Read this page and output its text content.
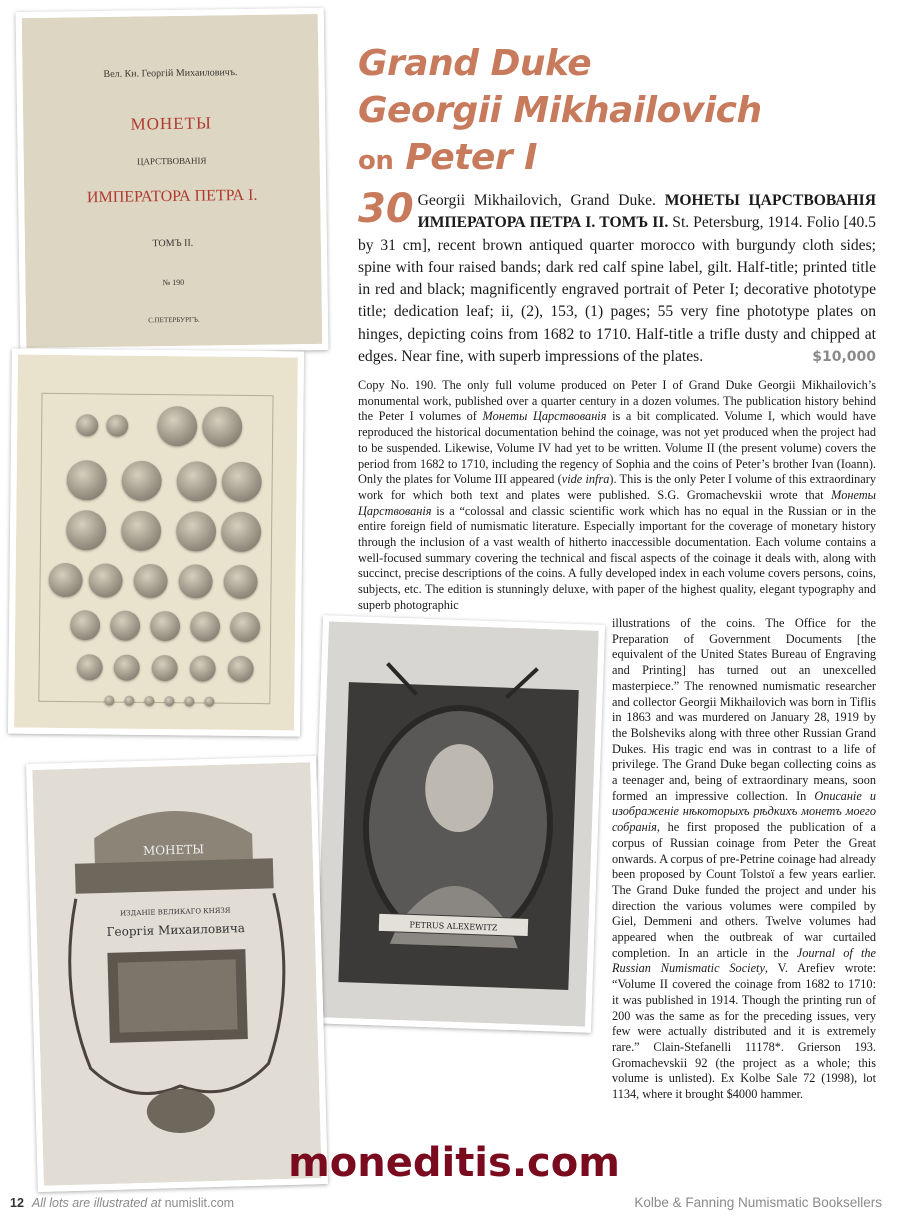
Вел. Кн. Георгій Михаиловичъ.
МОНЕТЫ
ЦАРСТВОВАНІЯ
ИМПЕРАТОРА ПЕТРА I.
ТОМЪ II.
№ 190
С.ПЕТЕРБУРГЪ.
PETRUS ALEXEWITZ
МОНЕТЫ
ИЗДАНІЕ ВЕЛИКАГО КНЯЗЯ
Георгія Михаиловича
Grand Duke
Georgii Mikhailovich
on Peter I
30 Georgii Mikhailovich, Grand Duke. МОНЕТЫ ЦАРСТВОВАНІЯ ИМПЕРАТОРА ПЕТРА I. ТОМЪ II. St. Petersburg, 1914. Folio [40.5 by 31 cm], recent brown antiqued quarter morocco with burgundy cloth sides; spine with four raised bands; dark red calf spine label, gilt. Half-title; printed title in red and black; magnificently engraved portrait of Peter I; decorative phototype title; dedication leaf; ii, (2), 153, (1) pages; 55 very fine phototype plates on hinges, depicting coins from 1682 to 1710. Half-title a trifle dusty and chipped at edges. Near fine, with superb impressions of the plates.	$10,000
Copy No. 190. The only full volume produced on Peter I of Grand Duke Georgii Mikhailovich’s monumental work, published over a quarter century in a dozen volumes. The publication history behind the Peter I volumes of Монеты Царствованія is a bit complicated. Volume I, which would have reproduced the historical documentation behind the coinage, was not yet produced when the project had to be suspended. Likewise, Volume IV had yet to be written. Volume II (the present volume) covers the period from 1682 to 1710, including the regency of Sophia and the coins of Peter’s brother Ivan (Ioann). Only the plates for Volume III appeared (vide infra). This is the only Peter I volume of this extraordinary work for which both text and plates were published. S.G. Gromachevskii wrote that Монеты Царствованія is a “colossal and classic scientific work which has no equal in the Russian or in the entire foreign field of numismatic literature. Especially important for the coverage of monetary history through the inclusion of a vast wealth of hitherto inaccessible documentation. Each volume contains a well-focused summary covering the technical and fiscal aspects of the coinage it deals with, along with succinct, precise descriptions of the coins. A fully developed index in each volume covers persons, coins, subjects, etc. The edition is stunningly deluxe, with paper of the highest quality, elegant typography and superb photographic
illustrations of the coins. The Office for the Preparation of Government Documents [the equivalent of the United States Bureau of Engraving and Printing] has turned out an unexcelled masterpiece.” The renowned numismatic researcher and collector Georgii Mikhailovich was born in Tiflis in 1863 and was murdered on January 28, 1919 by the Bolsheviks along with three other Russian Grand Dukes. His tragic end was in contrast to a life of privilege. The Grand Duke began collecting coins as a teenager and, being of extraordinary means, soon formed an impressive collection. In Описаніе и изображеніе нѣкоторыхъ рѣдкихъ монетъ моего собранія, he first proposed the publication of a corpus of Russian coinage from Peter the Great onwards. A corpus of pre-Petrine coinage had already been proposed by Count Tolstoï a few years earlier. The Grand Duke funded the project and under his direction the various volumes were compiled by Giel, Demmeni and others. Twelve volumes had appeared when the outbreak of war curtailed completion. In an article in the Journal of the Russian Numismatic Society, V. Arefiev wrote: “Volume II covered the coinage from 1682 to 1710: it was published in 1914. Though the printing run of 200 was the same as for the preceding issues, very few were actually distributed and it is extremely rare.” Clain-Stefanelli 11178*. Grierson 193. Gromachevskii 92 (the project as a whole; this volume is unlisted). Ex Kolbe Sale 72 (1998), lot 1134, where it brought $4000 hammer.
moneditis.com
12 All lots are illustrated at numislit.com	Kolbe & Fanning Numismatic Booksellers
